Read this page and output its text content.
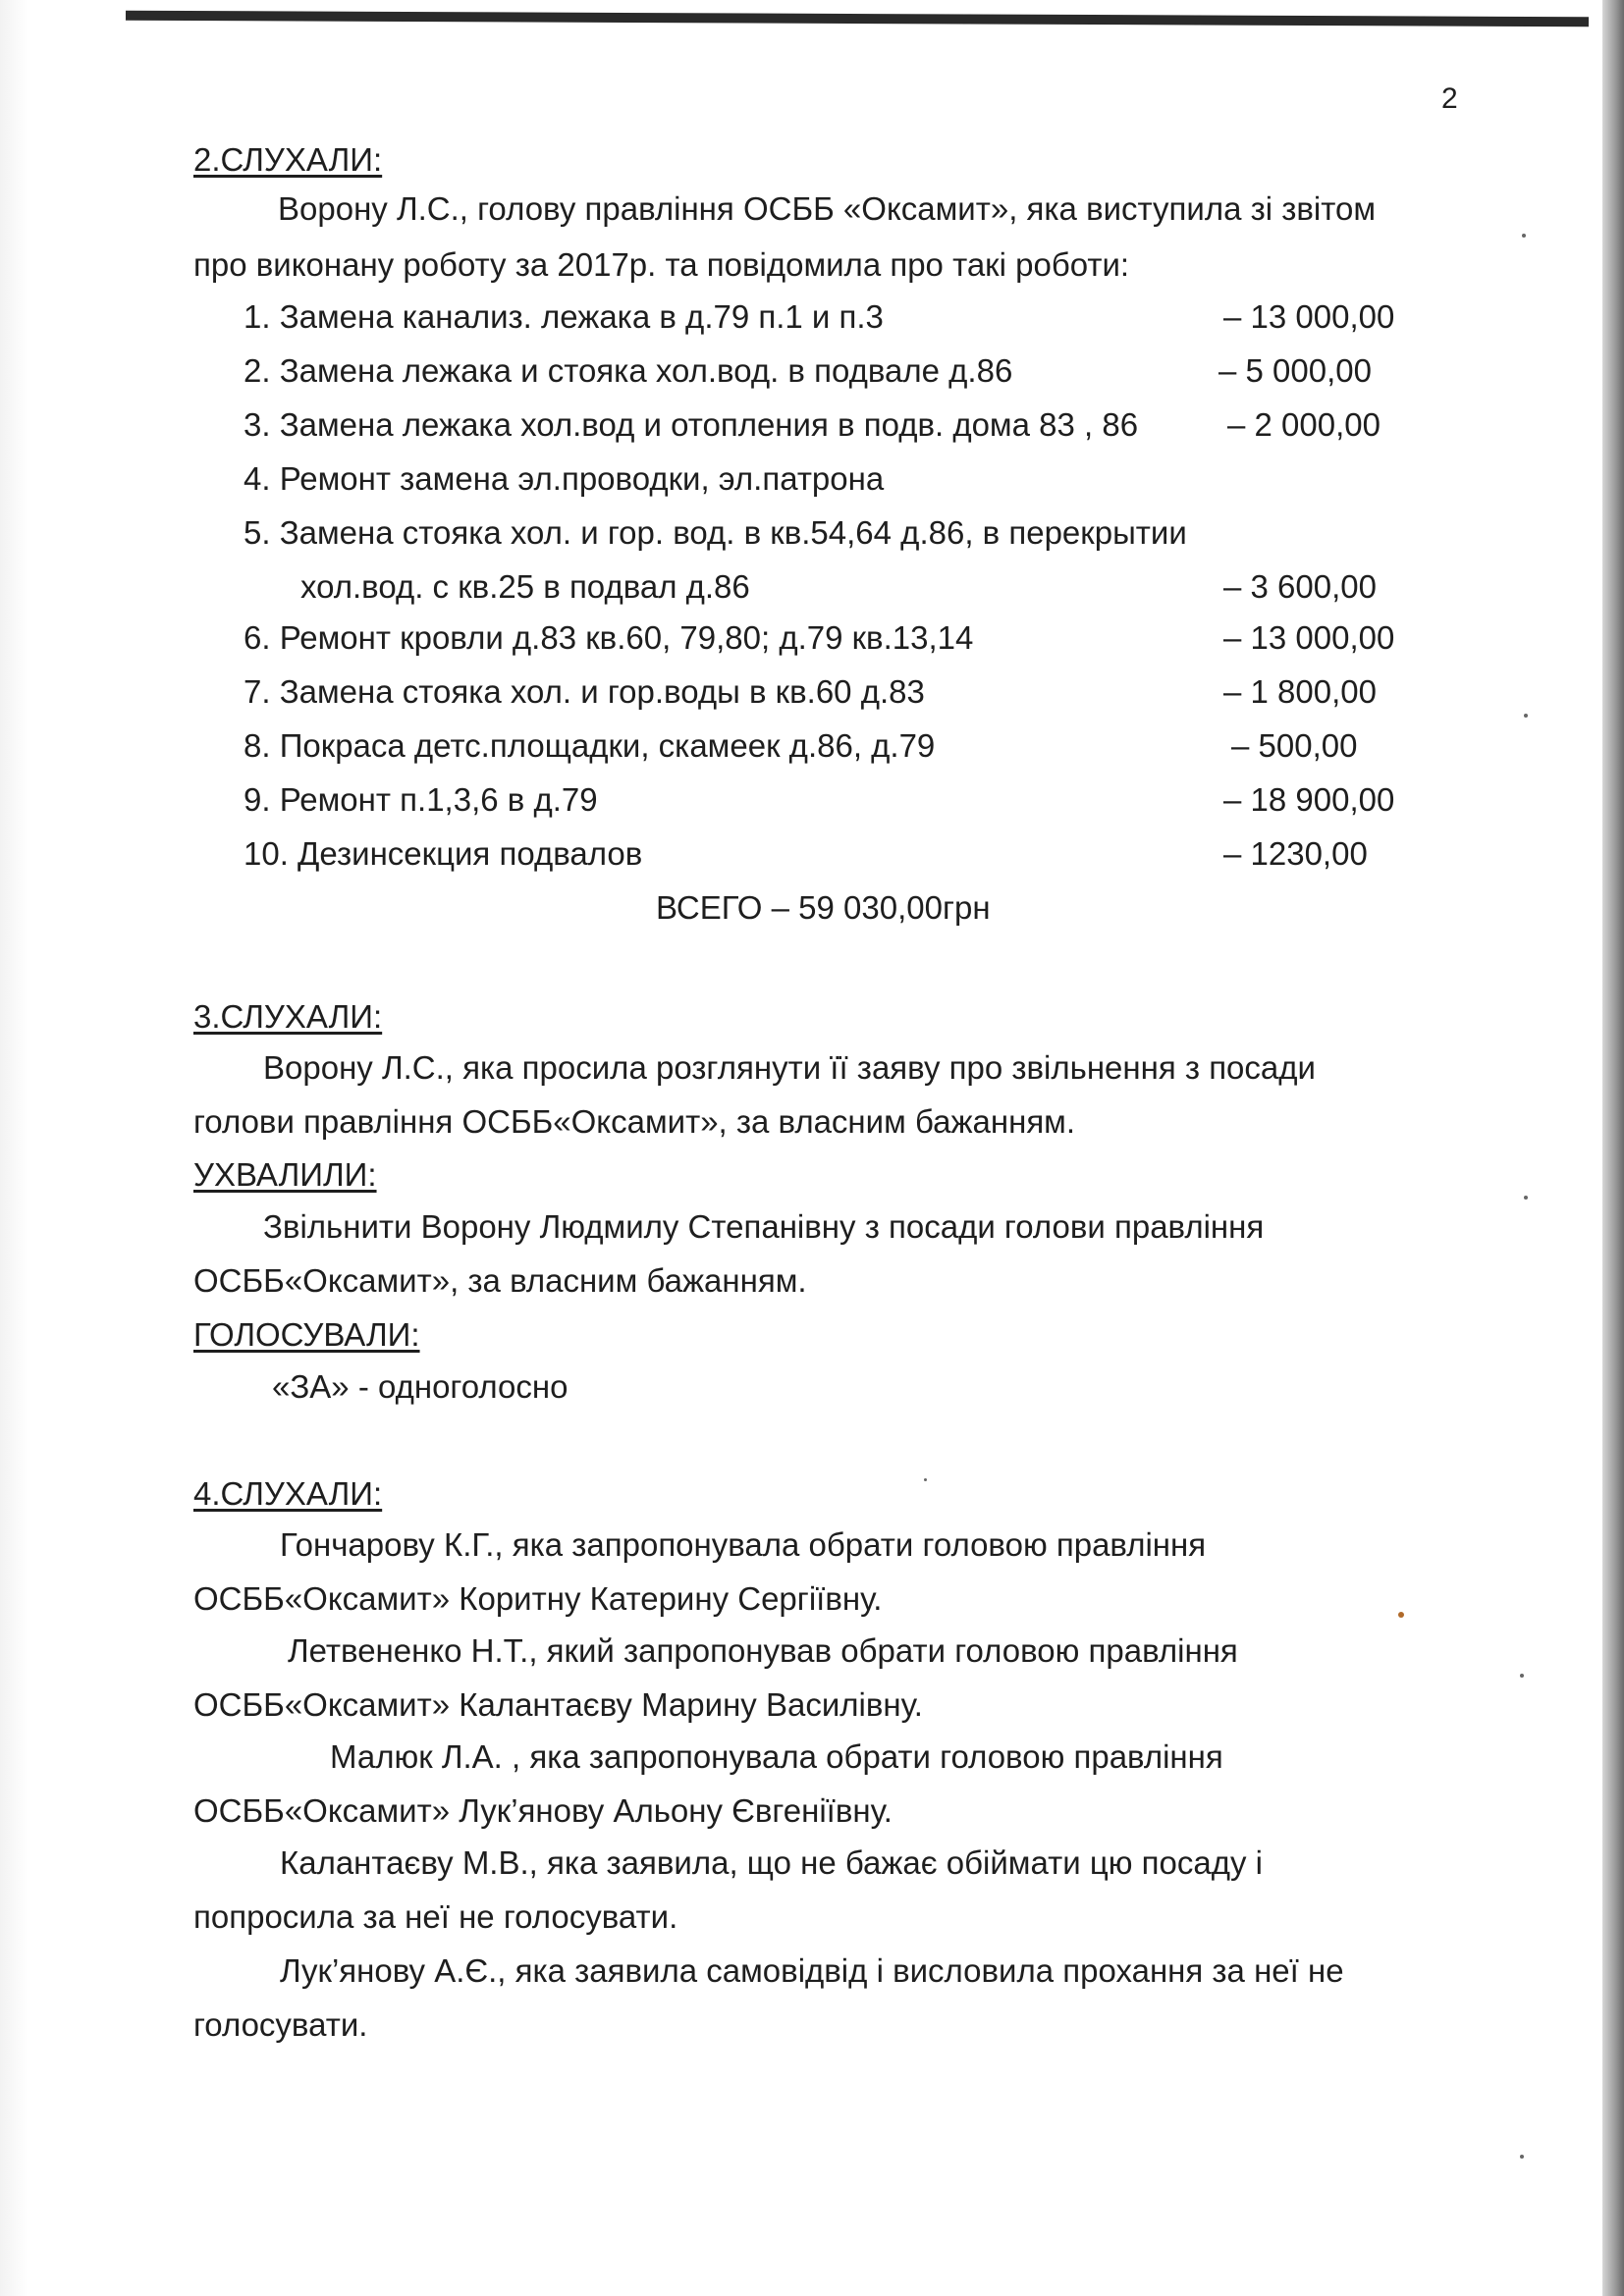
2
2.СЛУХАЛИ:
Ворону Л.С., голову правління ОСББ «Оксамит», яка виступила зі звітом
про виконану роботу за 2017р. та повідомила про такі роботи:
1. Замена канализ. лежака в д.79 п.1 и п.3	– 13 000,00
2. Замена лежака и стояка хол.вод. в подвале д.86	– 5 000,00
3. Замена лежака хол.вод и отопления в подв. дома 83 , 86	– 2 000,00
4. Ремонт замена эл.проводки, эл.патрона
5. Замена стояка хол. и гор. вод. в кв.54,64 д.86, в перекрытии
хол.вод. с кв.25 в подвал д.86	– 3 600,00
6. Ремонт кровли д.83 кв.60, 79,80; д.79 кв.13,14	– 13 000,00
7. Замена стояка хол. и гор.воды в кв.60 д.83	– 1 800,00
8. Покраса детс.площадки, скамеек д.86, д.79	– 500,00
9. Ремонт п.1,3,6 в д.79	– 18 900,00
10. Дезинсекция подвалов	– 1230,00
ВСЕГО – 59 030,00грн
3.СЛУХАЛИ:
Ворону Л.С., яка просила розглянути її заяву про звільнення з посади
голови правління ОСББ«Оксамит», за власним бажанням.
УХВАЛИЛИ:
Звільнити Ворону Людмилу Степанівну з посади голови правління
ОСББ«Оксамит», за власним бажанням.
ГОЛОСУВАЛИ:
«ЗА» - одноголосно
4.СЛУХАЛИ:
Гончарову К.Г., яка запропонувала обрати головою правління
ОСББ«Оксамит» Коритну Катерину Сергіївну.
Летвененко Н.Т., який запропонував обрати головою правління
ОСББ«Оксамит» Калантаєву Марину Василівну.
Малюк Л.А. , яка запропонувала обрати головою правління
ОСББ«Оксамит» Лук’янову Альону Євгеніївну.
Калантаєву М.В., яка заявила, що не бажає обіймати цю посаду і
попросила за неї не голосувати.
Лук’янову А.Є., яка заявила самовідвід і висловила прохання за неї не
голосувати.
